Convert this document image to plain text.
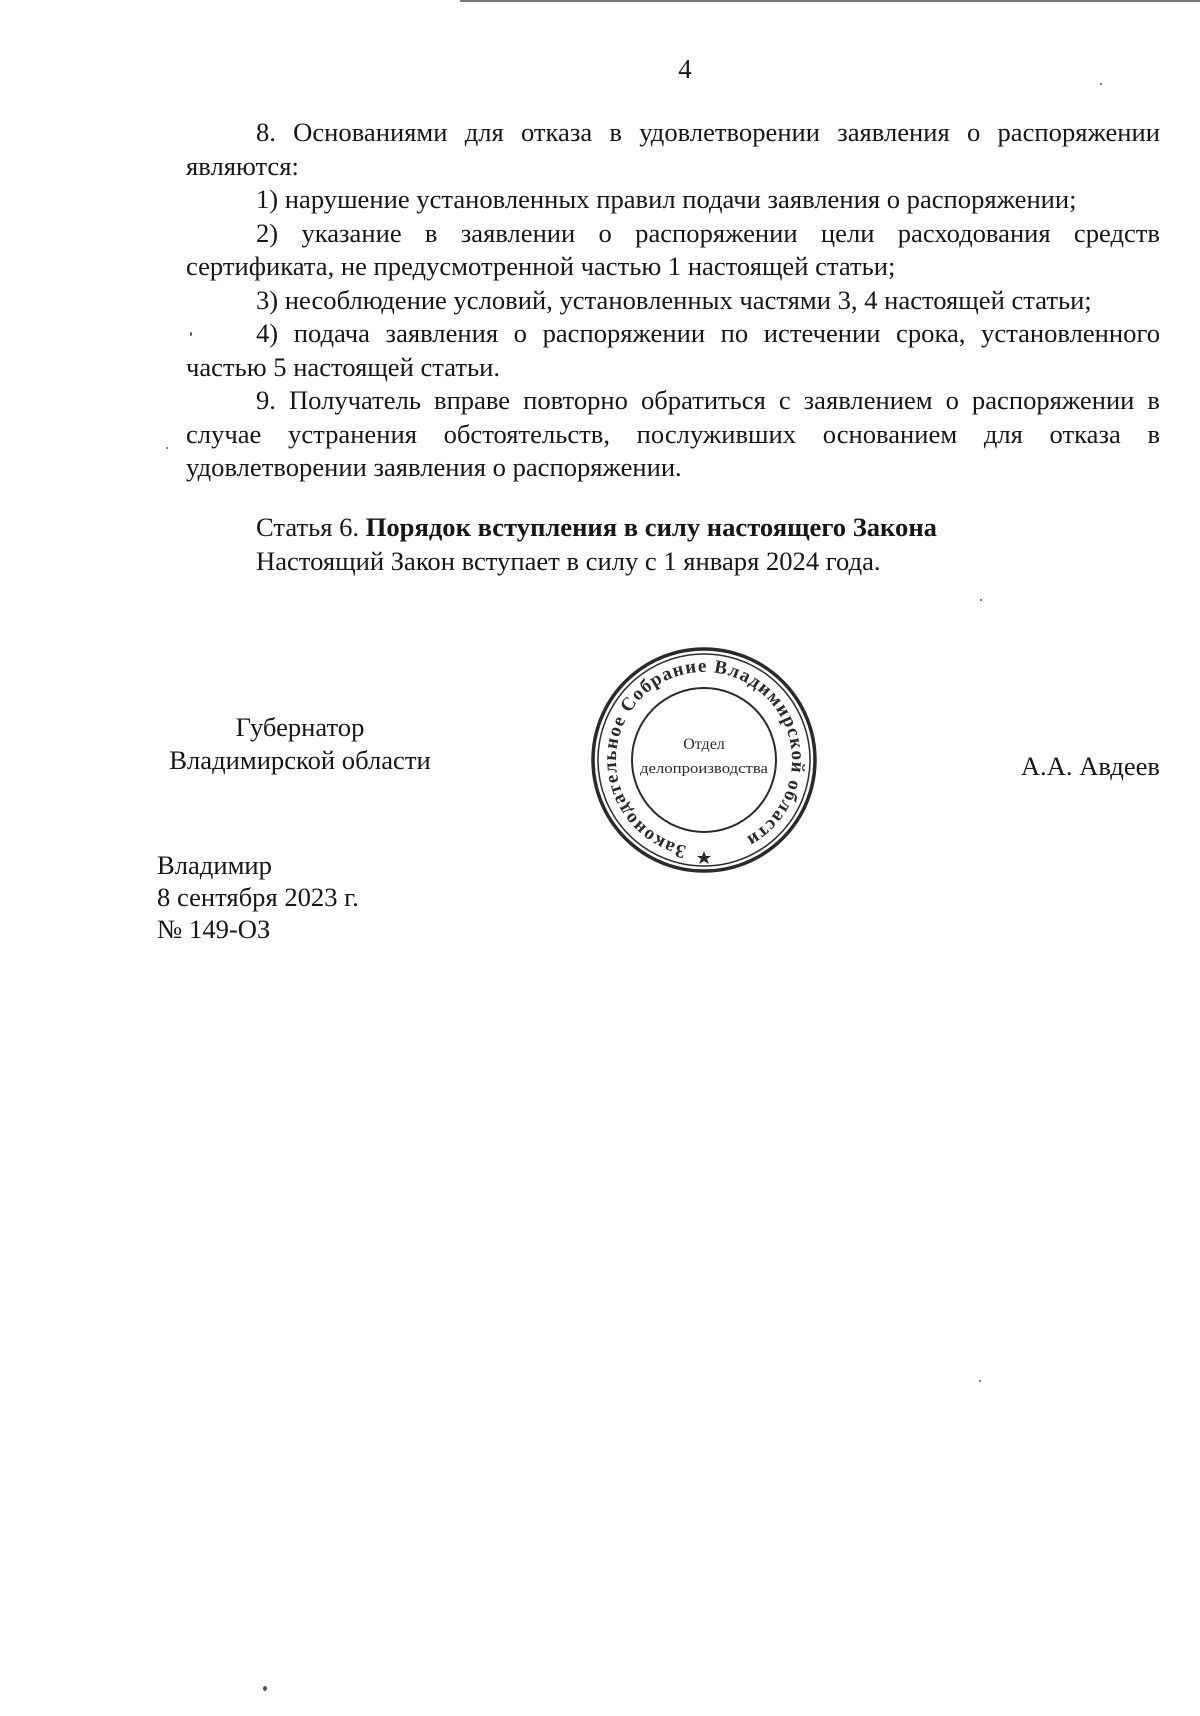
4

8. Основаниями для отказа в удовлетворении заявления о распоряжении являются:

1) нарушение установленных правил подачи заявления о распоряжении;

2) указание в заявлении о распоряжении цели расходования средств сертификата, не предусмотренной частью 1 настоящей статьи;

3) несоблюдение условий, установленных частями 3, 4 настоящей статьи;

4) подача заявления о распоряжении по истечении срока, установленного частью 5 настоящей статьи.

9. Получатель вправе повторно обратиться с заявлением о распоряжении в случае устранения обстоятельств, послуживших основанием для отказа в удовлетворении заявления о распоряжении.

Статья 6. Порядок вступления в силу настоящего Закона

Настоящий Закон вступает в силу с 1 января 2024 года.

Губернатор
Владимирской области	А.А. Авдеев
Законодательное Собрание Владимирской области
Отдел
делопроизводства
Владимир
8 сентября 2023 г.
№ 149-ОЗ
